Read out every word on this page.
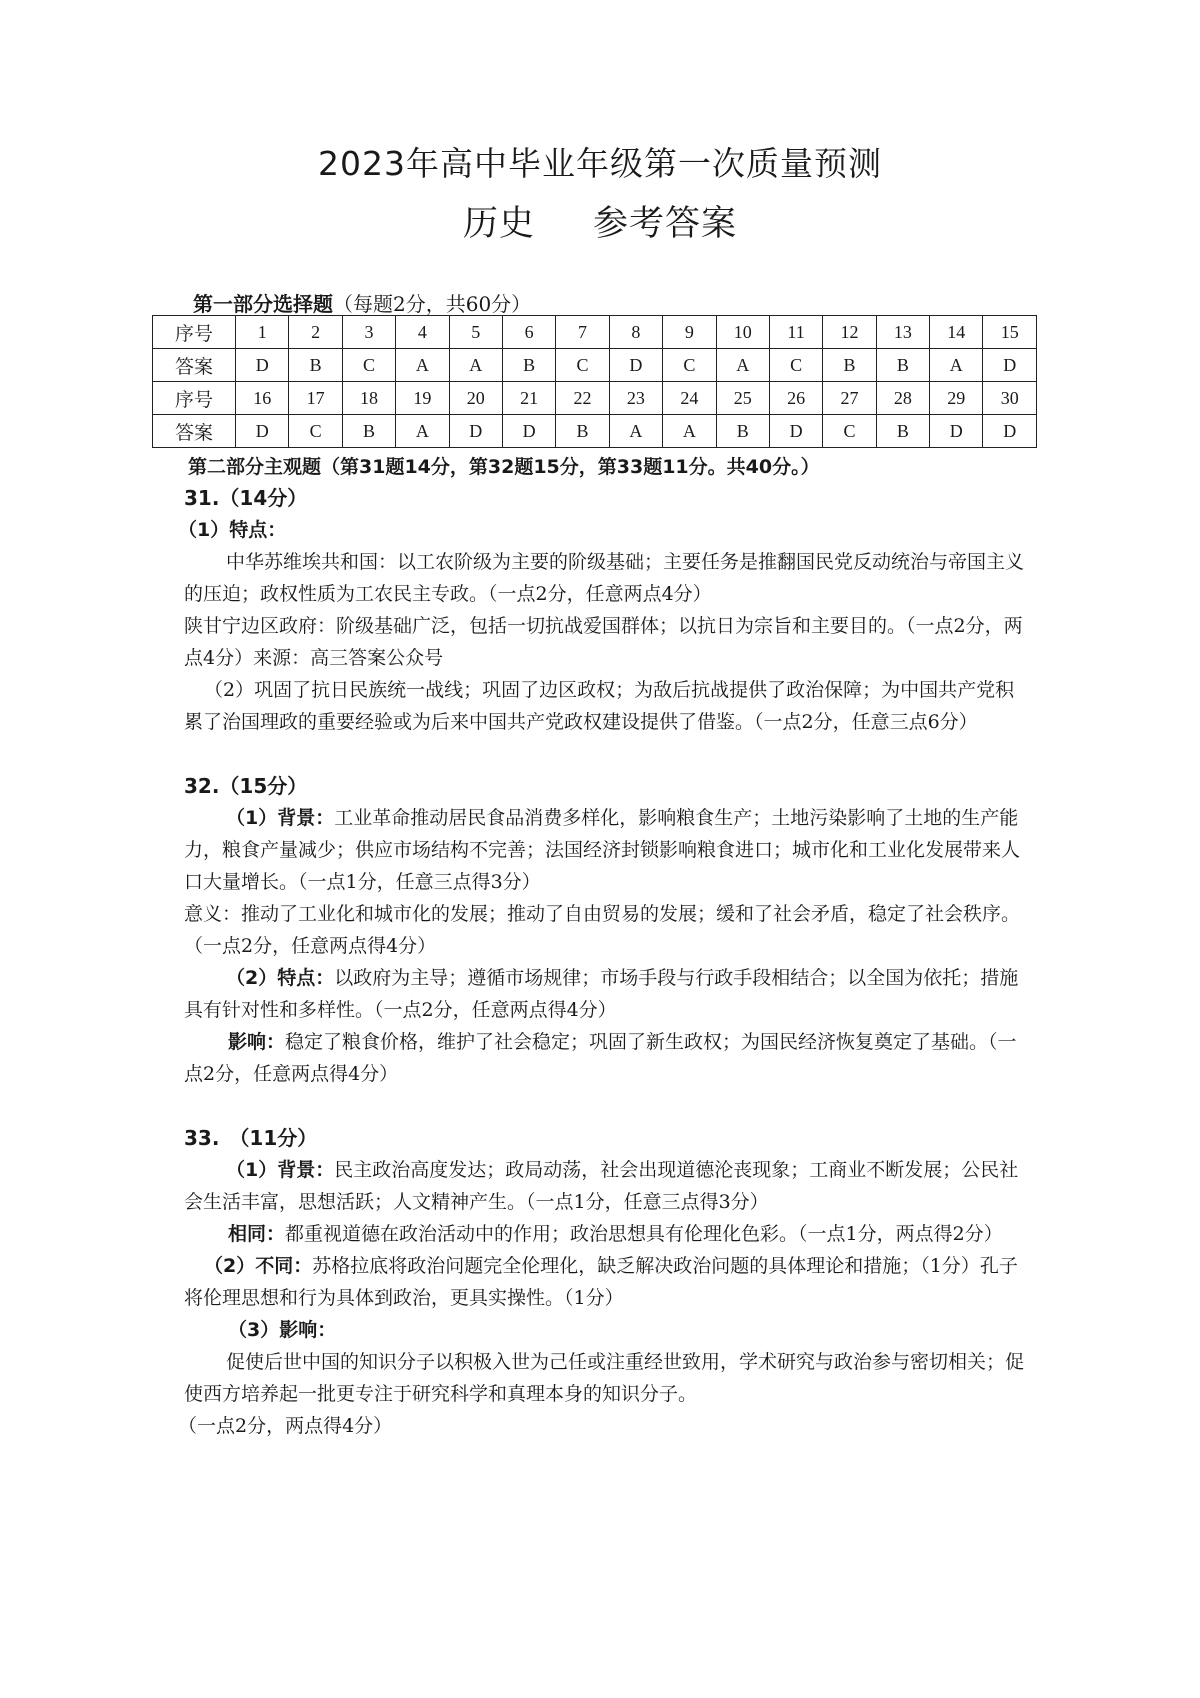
2023年高中毕业年级第一次质量预测
历史 参考答案
第一部分选择题（每题2分，共60分）
序号	1	2	3	4	5	6	7	8	9	10	11	12	13	14	15
答案	D	B	C	A	A	B	C	D	C	A	C	B	B	A	D
序号	16	17	18	19	20	21	22	23	24	25	26	27	28	29	30
答案	D	C	B	A	D	D	B	A	A	B	D	C	B	D	D
第二部分主观题（第31题14分，第32题15分，第33题11分。共40分。）

31.（14分）

（1）特点：

中华苏维埃共和国：以工农阶级为主要的阶级基础；主要任务是推翻国民党反动统治与帝国主义的压迫；政权性质为工农民主专政。（一点2分，任意两点4分）

陕甘宁边区政府：阶级基础广泛，包括一切抗战爱国群体；以抗日为宗旨和主要目的。（一点2分，两点4分）来源：高三答案公众号

（2）巩固了抗日民族统一战线；巩固了边区政权；为敌后抗战提供了政治保障；为中国共产党积累了治国理政的重要经验或为后来中国共产党政权建设提供了借鉴。（一点2分，任意三点6分）

32.（15分）

（1）背景：工业革命推动居民食品消费多样化，影响粮食生产；土地污染影响了土地的生产能力，粮食产量减少；供应市场结构不完善；法国经济封锁影响粮食进口；城市化和工业化发展带来人口大量增长。（一点1分，任意三点得3分）

意义：推动了工业化和城市化的发展；推动了自由贸易的发展；缓和了社会矛盾，稳定了社会秩序。（一点2分，任意两点得4分）

（2）特点：以政府为主导；遵循市场规律；市场手段与行政手段相结合；以全国为依托；措施具有针对性和多样性。（一点2分，任意两点得4分）

影响：稳定了粮食价格，维护了社会稳定；巩固了新生政权；为国民经济恢复奠定了基础。（一点2分，任意两点得4分）

33.　（11分）

（1）背景：民主政治高度发达；政局动荡，社会出现道德沦丧现象；工商业不断发展；公民社会生活丰富，思想活跃；人文精神产生。（一点1分，任意三点得3分）

相同：都重视道德在政治活动中的作用；政治思想具有伦理化色彩。（一点1分，两点得2分）

（2）不同：苏格拉底将政治问题完全伦理化，缺乏解决政治问题的具体理论和措施；（1分）孔子将伦理思想和行为具体到政治，更具实操性。（1分）

（3）影响：

促使后世中国的知识分子以积极入世为己任或注重经世致用，学术研究与政治参与密切相关；促使西方培养起一批更专注于研究科学和真理本身的知识分子。

（一点2分，两点得4分）
